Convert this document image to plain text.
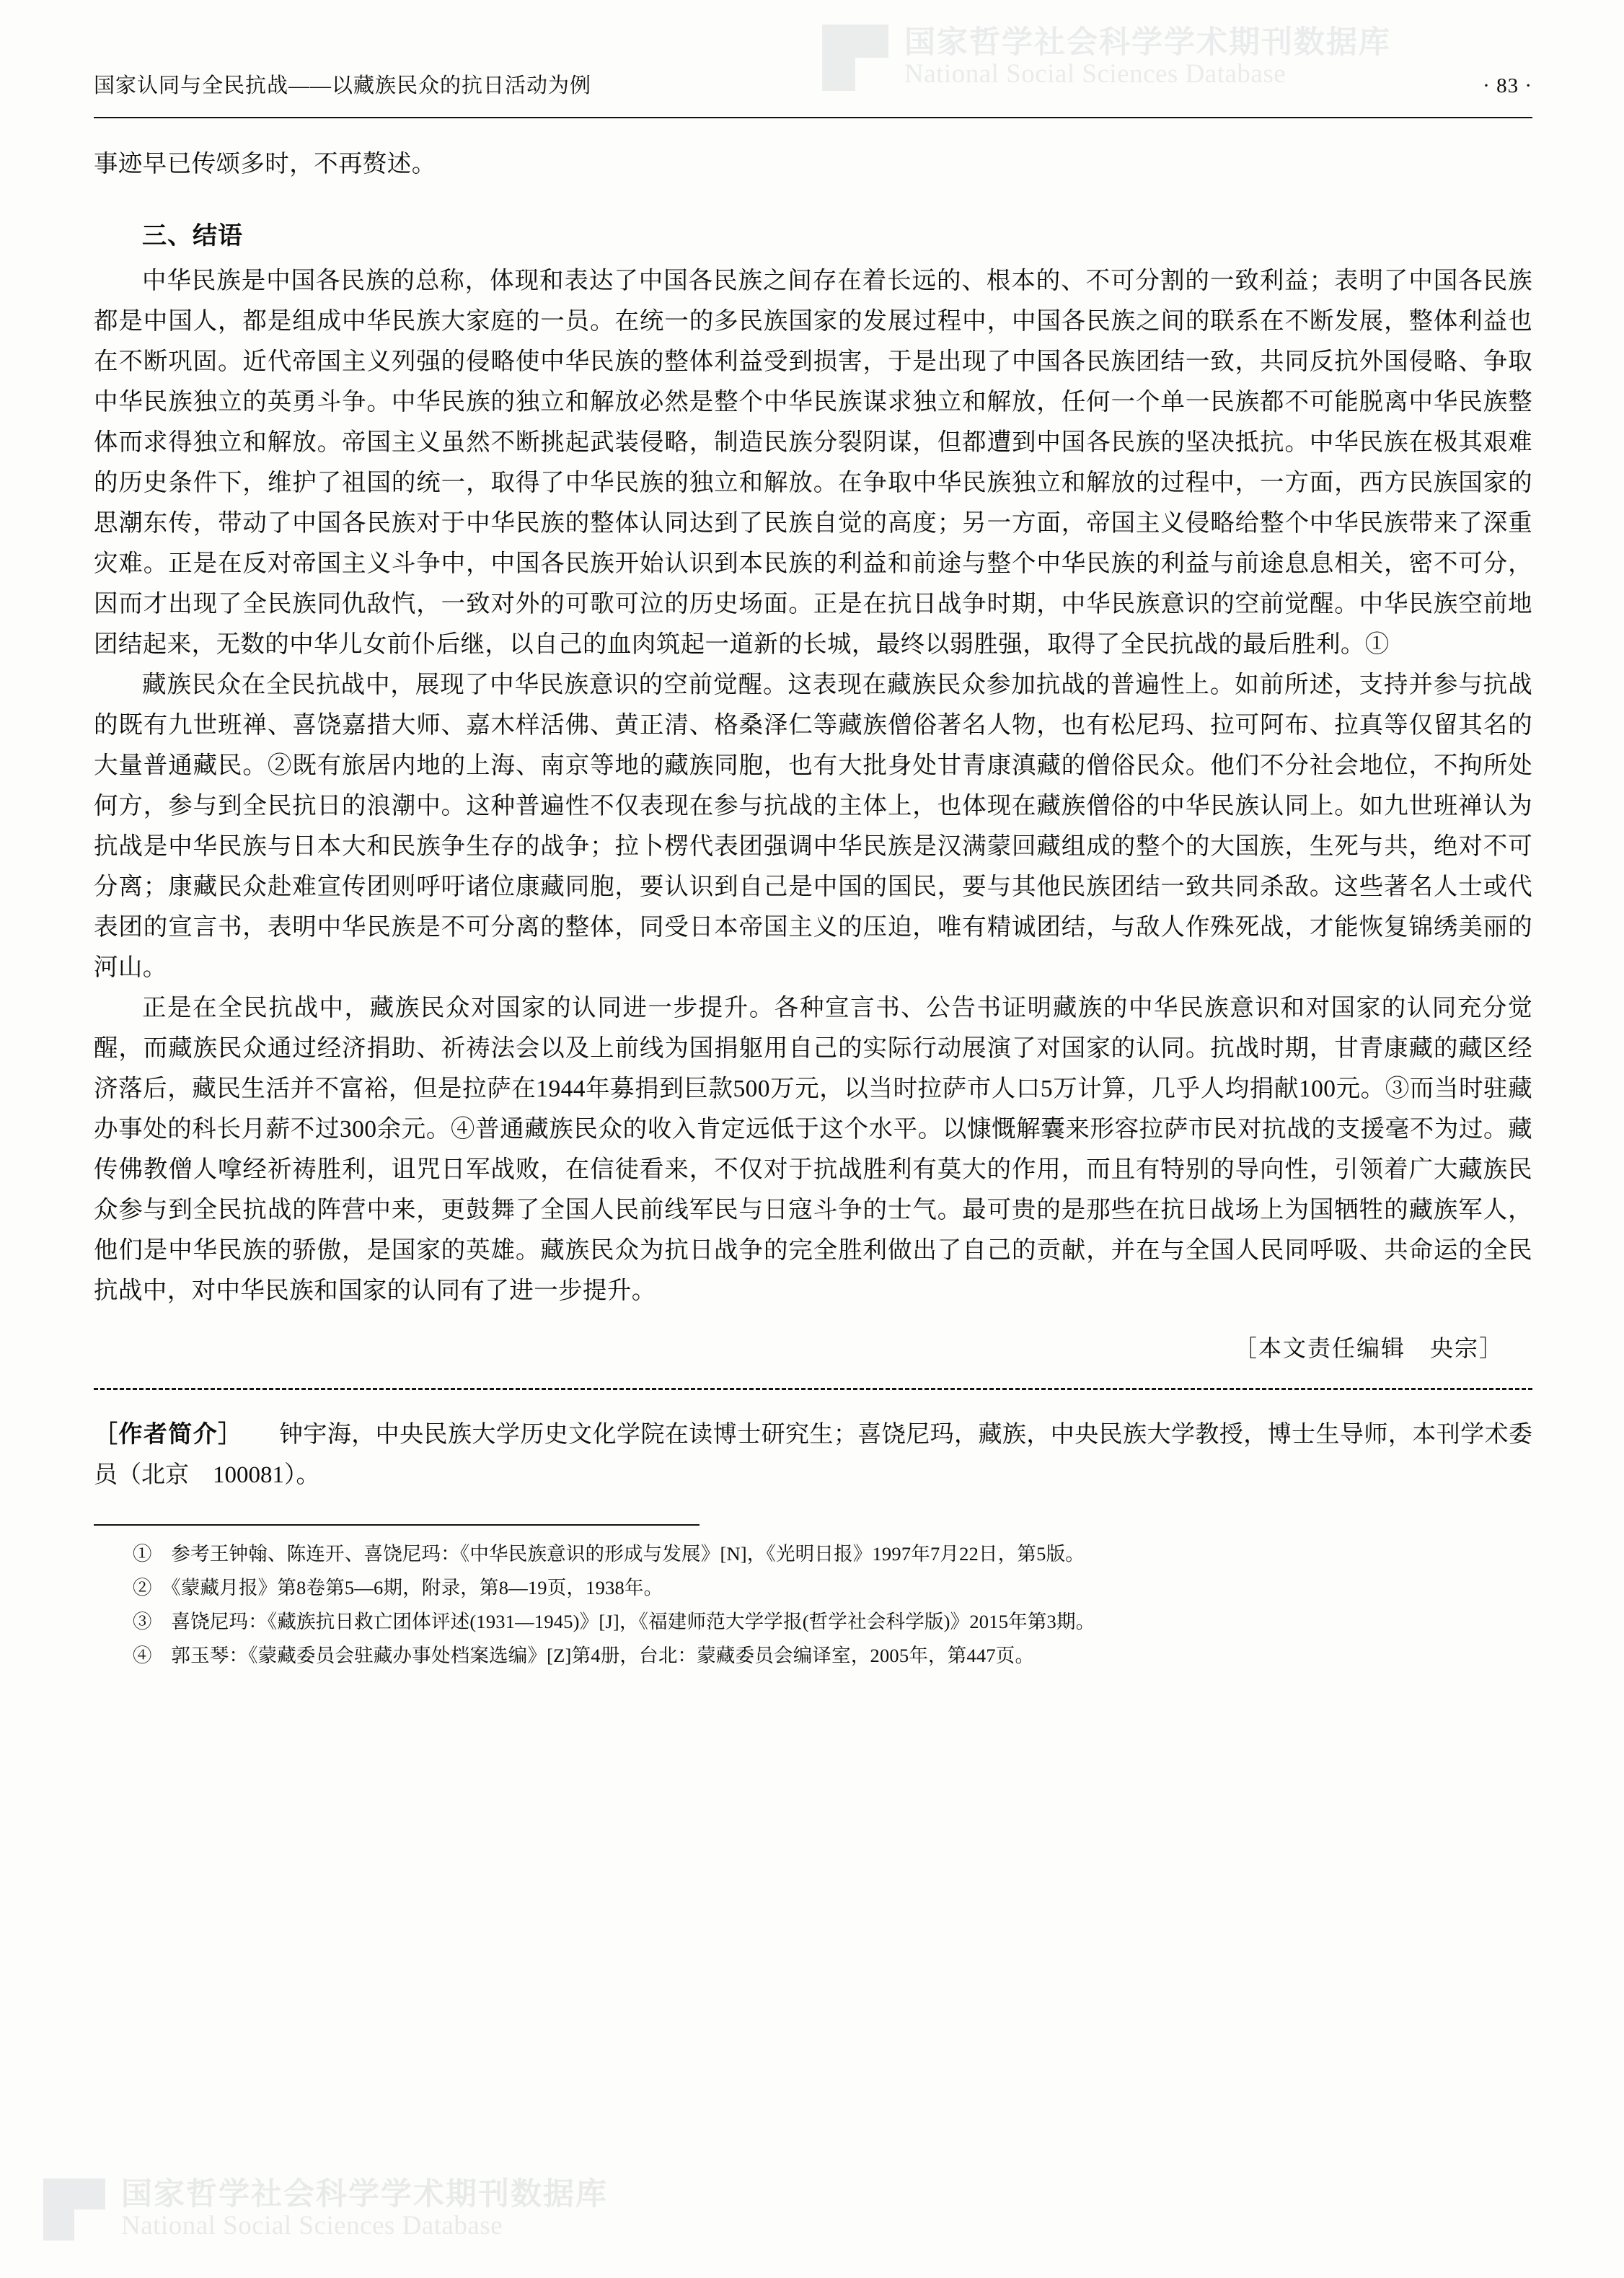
国家哲学社会科学学术期刊数据库
National Social Sciences Database
国家认同与全民抗战——以藏族民众的抗日活动为例	· 83 ·

事迹早已传颂多时，不再赘述。

三、结语

中华民族是中国各民族的总称，体现和表达了中国各民族之间存在着长远的、根本的、不可分割的一致利益；表明了中国各民族都是中国人，都是组成中华民族大家庭的一员。在统一的多民族国家的发展过程中，中国各民族之间的联系在不断发展，整体利益也在不断巩固。近代帝国主义列强的侵略使中华民族的整体利益受到损害，于是出现了中国各民族团结一致，共同反抗外国侵略、争取中华民族独立的英勇斗争。中华民族的独立和解放必然是整个中华民族谋求独立和解放，任何一个单一民族都不可能脱离中华民族整体而求得独立和解放。帝国主义虽然不断挑起武装侵略，制造民族分裂阴谋，但都遭到中国各民族的坚决抵抗。中华民族在极其艰难的历史条件下，维护了祖国的统一，取得了中华民族的独立和解放。在争取中华民族独立和解放的过程中，一方面，西方民族国家的思潮东传，带动了中国各民族对于中华民族的整体认同达到了民族自觉的高度；另一方面，帝国主义侵略给整个中华民族带来了深重灾难。正是在反对帝国主义斗争中，中国各民族开始认识到本民族的利益和前途与整个中华民族的利益与前途息息相关，密不可分，因而才出现了全民族同仇敌忾，一致对外的可歌可泣的历史场面。正是在抗日战争时期，中华民族意识的空前觉醒。中华民族空前地团结起来，无数的中华儿女前仆后继，以自己的血肉筑起一道新的长城，最终以弱胜强，取得了全民抗战的最后胜利。①

藏族民众在全民抗战中，展现了中华民族意识的空前觉醒。这表现在藏族民众参加抗战的普遍性上。如前所述，支持并参与抗战的既有九世班禅、喜饶嘉措大师、嘉木样活佛、黄正清、格桑泽仁等藏族僧俗著名人物，也有松尼玛、拉可阿布、拉真等仅留其名的大量普通藏民。②既有旅居内地的上海、南京等地的藏族同胞，也有大批身处甘青康滇藏的僧俗民众。他们不分社会地位，不拘所处何方，参与到全民抗日的浪潮中。这种普遍性不仅表现在参与抗战的主体上，也体现在藏族僧俗的中华民族认同上。如九世班禅认为抗战是中华民族与日本大和民族争生存的战争；拉卜楞代表团强调中华民族是汉满蒙回藏组成的整个的大国族，生死与共，绝对不可分离；康藏民众赴难宣传团则呼吁诸位康藏同胞，要认识到自己是中国的国民，要与其他民族团结一致共同杀敌。这些著名人士或代表团的宣言书，表明中华民族是不可分离的整体，同受日本帝国主义的压迫，唯有精诚团结，与敌人作殊死战，才能恢复锦绣美丽的河山。

正是在全民抗战中，藏族民众对国家的认同进一步提升。各种宣言书、公告书证明藏族的中华民族意识和对国家的认同充分觉醒，而藏族民众通过经济捐助、祈祷法会以及上前线为国捐躯用自己的实际行动展演了对国家的认同。抗战时期，甘青康藏的藏区经济落后，藏民生活并不富裕，但是拉萨在1944年募捐到巨款500万元，以当时拉萨市人口5万计算，几乎人均捐献100元。③而当时驻藏办事处的科长月薪不过300余元。④普通藏族民众的收入肯定远低于这个水平。以慷慨解囊来形容拉萨市民对抗战的支援毫不为过。藏传佛教僧人嗱经祈祷胜利，诅咒日军战败，在信徒看来，不仅对于抗战胜利有莫大的作用，而且有特别的导向性，引领着广大藏族民众参与到全民抗战的阵营中来，更鼓舞了全国人民前线军民与日寇斗争的士气。最可贵的是那些在抗日战场上为国牺牲的藏族军人，他们是中华民族的骄傲，是国家的英雄。藏族民众为抗日战争的完全胜利做出了自己的贡献，并在与全国人民同呼吸、共命运的全民抗战中，对中华民族和国家的认同有了进一步提升。

［本文责任编辑　央宗］
［作者简介］　　钟宇海，中央民族大学历史文化学院在读博士研究生；喜饶尼玛，藏族，中央民族大学教授，博士生导师，本刊学术委员（北京　100081）。
①　参考王钟翰、陈连开、喜饶尼玛：《中华民族意识的形成与发展》[N]，《光明日报》1997年7月22日，第5版。
②　《蒙藏月报》第8卷第5—6期，附录，第8—19页，1938年。
③　喜饶尼玛：《藏族抗日救亡团体评述(1931—1945)》[J]，《福建师范大学学报(哲学社会科学版)》2015年第3期。
④　郭玉琴：《蒙藏委员会驻藏办事处档案选编》[Z]第4册，台北：蒙藏委员会编译室，2005年，第447页。
国家哲学社会科学学术期刊数据库
National Social Sciences Database
